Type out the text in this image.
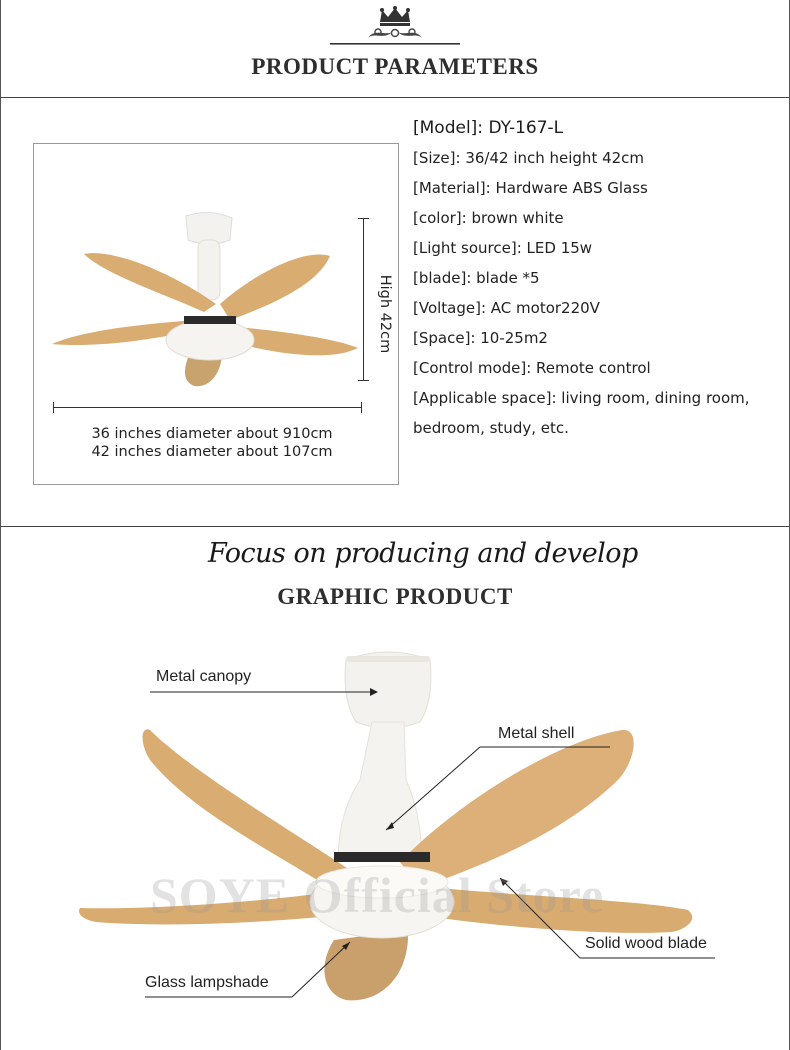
PRODUCT PARAMETERS
High 42cm
36 inches diameter about 910cm
42 inches diameter about 107cm
[Model]: DY-167-L
[Size]: 36/42 inch height 42cm
[Material]: Hardware ABS Glass
[color]: brown white
[Light source]: LED 15w
[blade]: blade *5
[Voltage]: AC motor220V
[Space]: 10-25m2
[Control mode]: Remote control
[Applicable space]: living room, dining room,
bedroom, study, etc.
Focus on producing and develop
GRAPHIC PRODUCT
SOYE Official Store
Metal canopy
Metal shell
Solid wood blade
Glass lampshade
